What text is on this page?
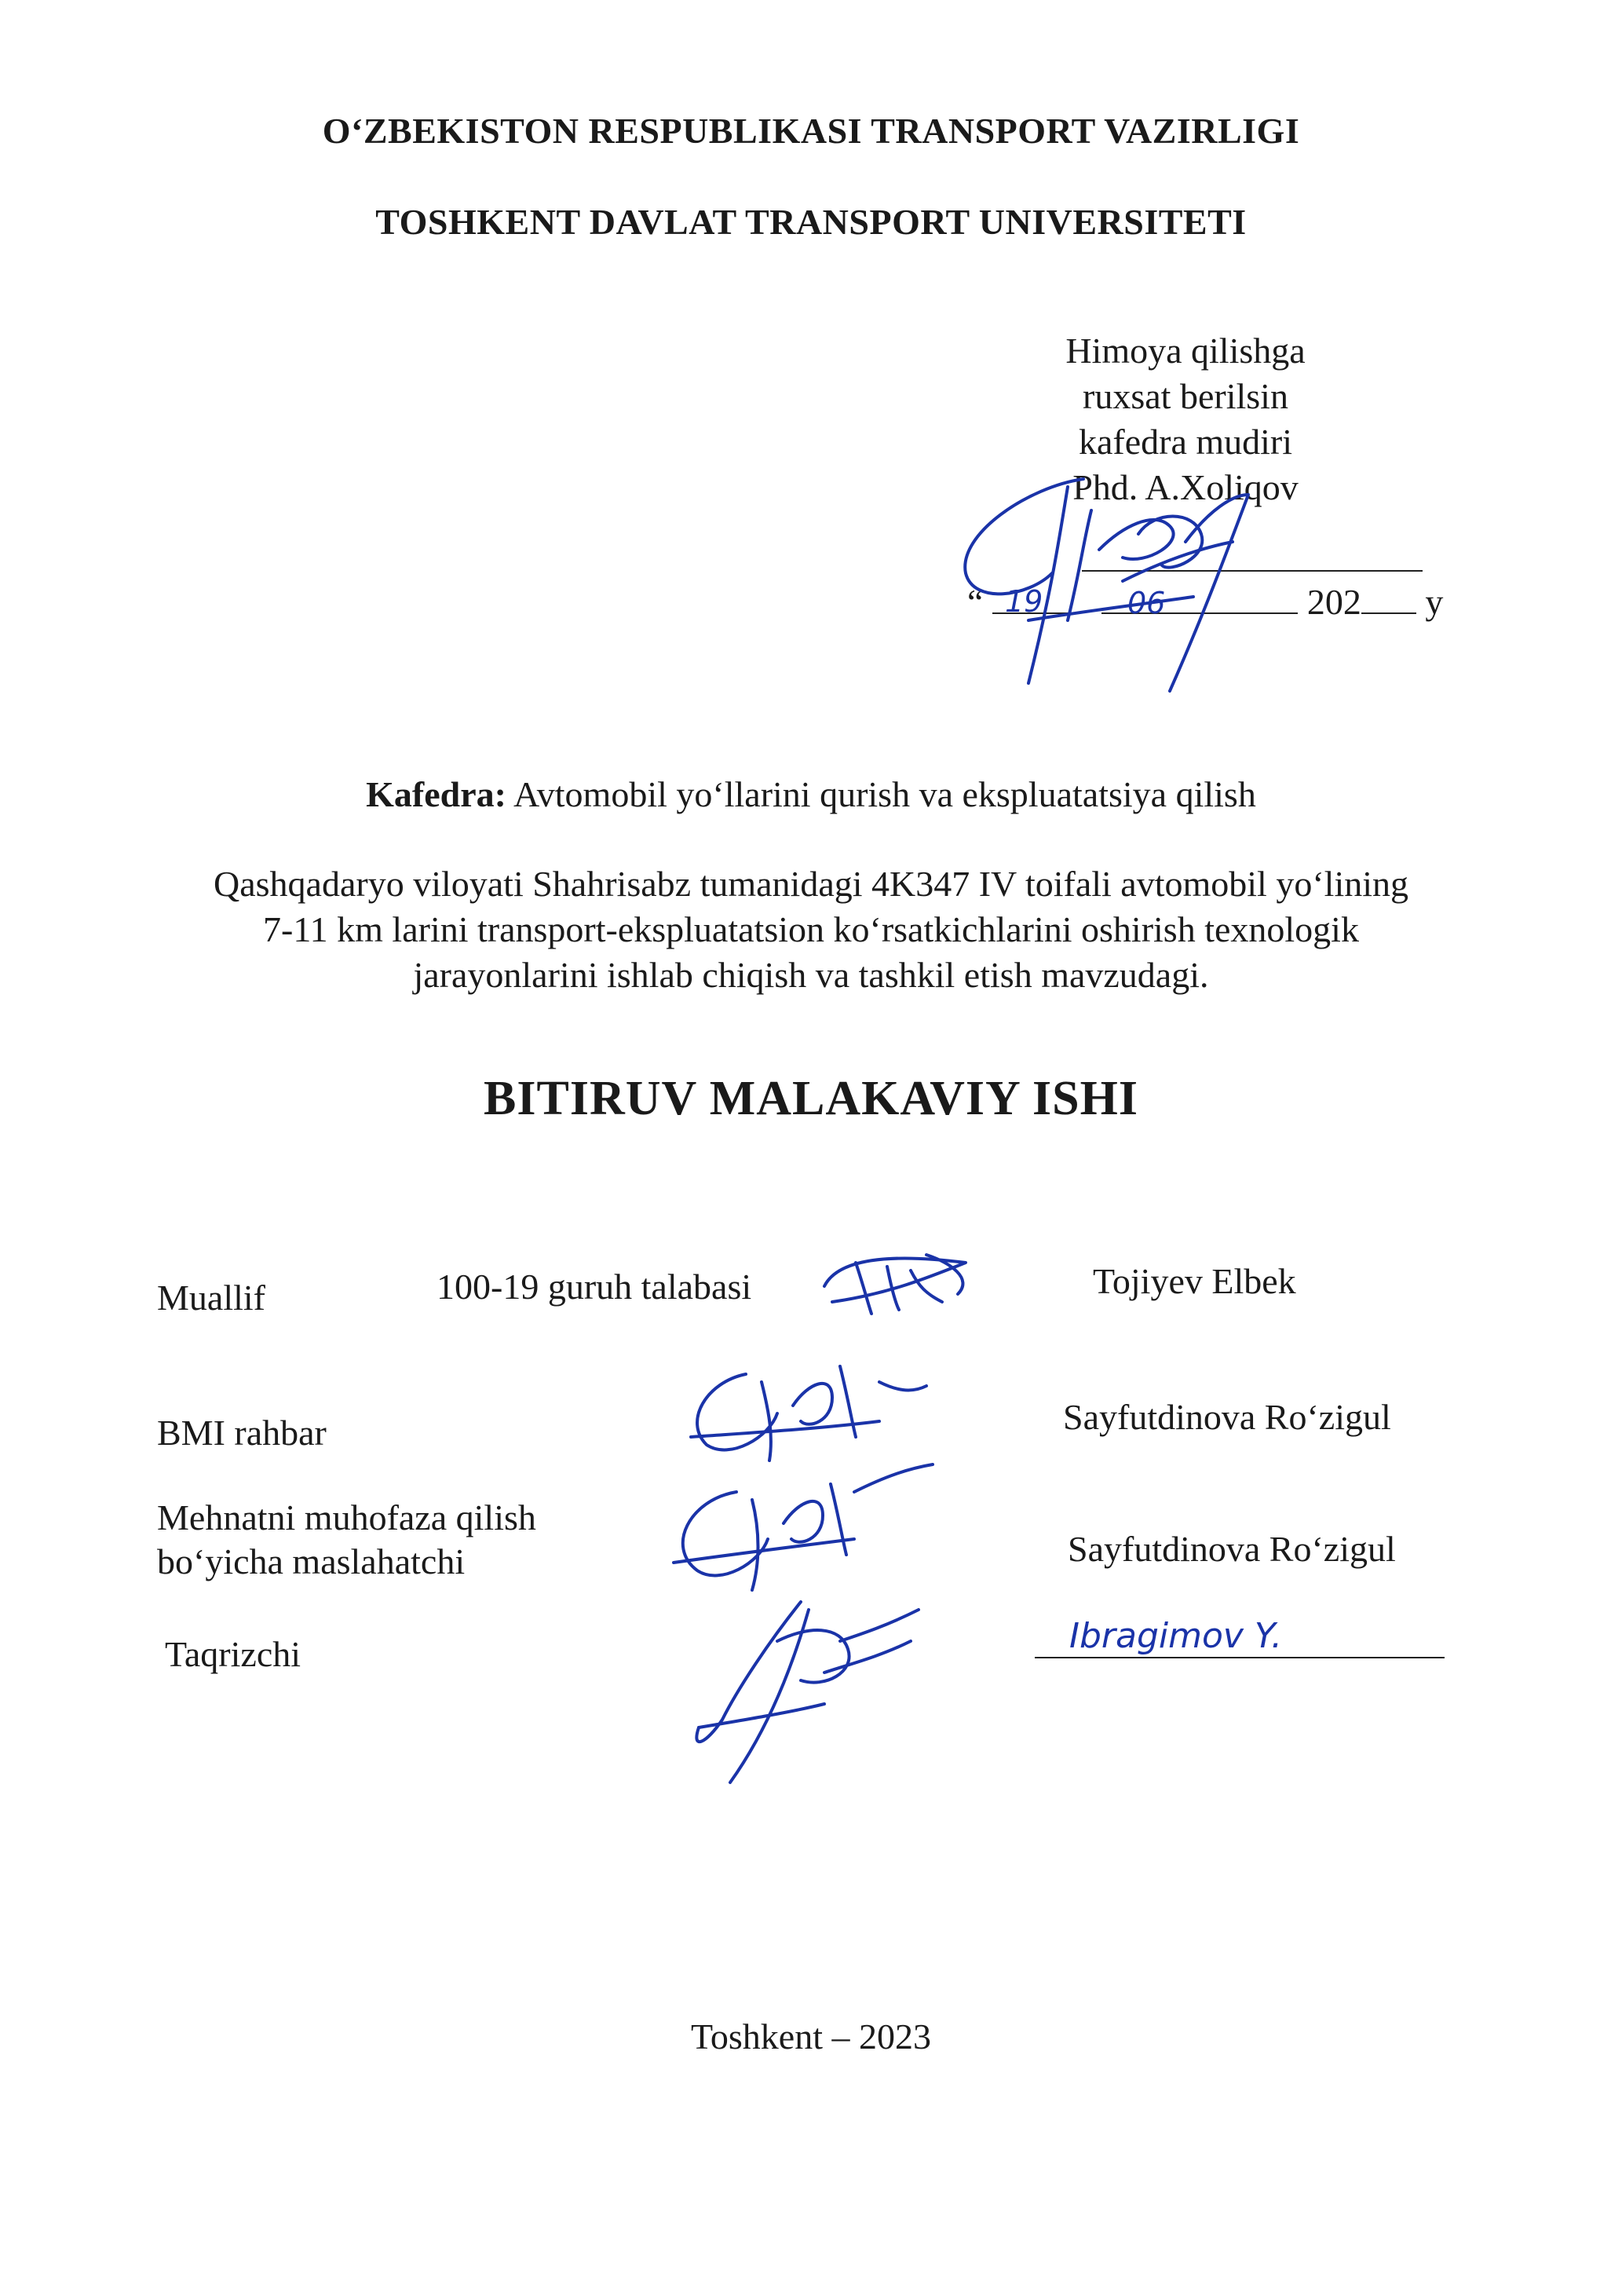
O‘ZBEKISTON RESPUBLIKASI TRANSPORT VAZIRLIGI
TOSHKENT DAVLAT TRANSPORT UNIVERSITETI
Himoya qilishga
ruxsat berilsin
kafedra mudiri
Phd. A.Xoliqov
“	202 y
19	06
Kafedra: Avtomobil yo‘llarini qurish va ekspluatatsiya qilish
Qashqadaryo viloyati Shahrisabz tumanidagi 4K347 IV toifali avtomobil yo‘lining
7-11 km larini transport-ekspluatatsion ko‘rsatkichlarini oshirish texnologik
jarayonlarini ishlab chiqish va tashkil etish mavzudagi.
BITIRUV MALAKAVIY ISHI
Muallif	100-19 guruh talabasi	Tojiyev Elbek
BMI rahbar	Sayfutdinova Ro‘zigul
Mehnatni muhofaza qilish
bo‘yicha maslahatchi	Sayfutdinova Ro‘zigul
Taqrizchi	Ibragimov Y.
Toshkent – 2023
